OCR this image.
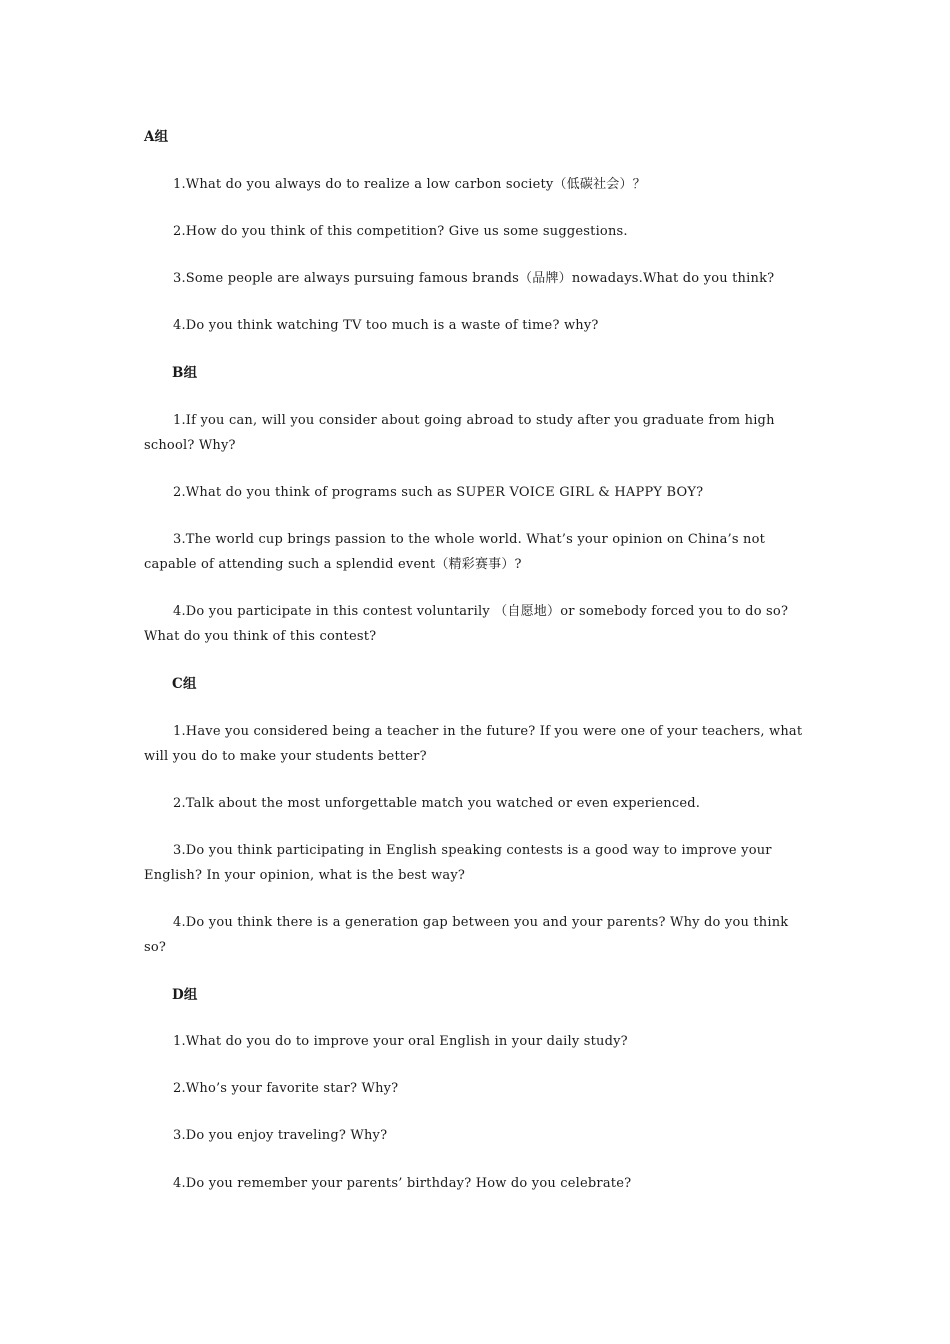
A组
1.What do you always do to realize a low carbon society（低碳社会）？
2.How do you think of this competition? Give us some suggestions.
3.Some people are always pursuing famous brands（品牌）nowadays.What do you think?
4.Do you think watching TV too much is a waste of time? why?
B组
1.If you can, will you consider about going abroad to study after you graduate from high school? Why?
2.What do you think of programs such as SUPER VOICE GIRL & HAPPY BOY?
3.The world cup brings passion to the whole world. What’s your opinion on China’s not capable of attending such a splendid event（精彩赛事）?
4.Do you participate in this contest voluntarily （自愿地）or somebody forced you to do so? What do you think of this contest?
C组
1.Have you considered being a teacher in the future? If you were one of your teachers, what will you do to make your students better?
2.Talk about the most unforgettable match you watched or even experienced.
3.Do you think participating in English speaking contests is a good way to improve your English? In your opinion, what is the best way?
4.Do you think there is a generation gap between you and your parents? Why do you think so?
D组
1.What do you do to improve your oral English in your daily study?
2.Who’s your favorite star? Why?
3.Do you enjoy traveling? Why?
4.Do you remember your parents’ birthday? How do you celebrate?
